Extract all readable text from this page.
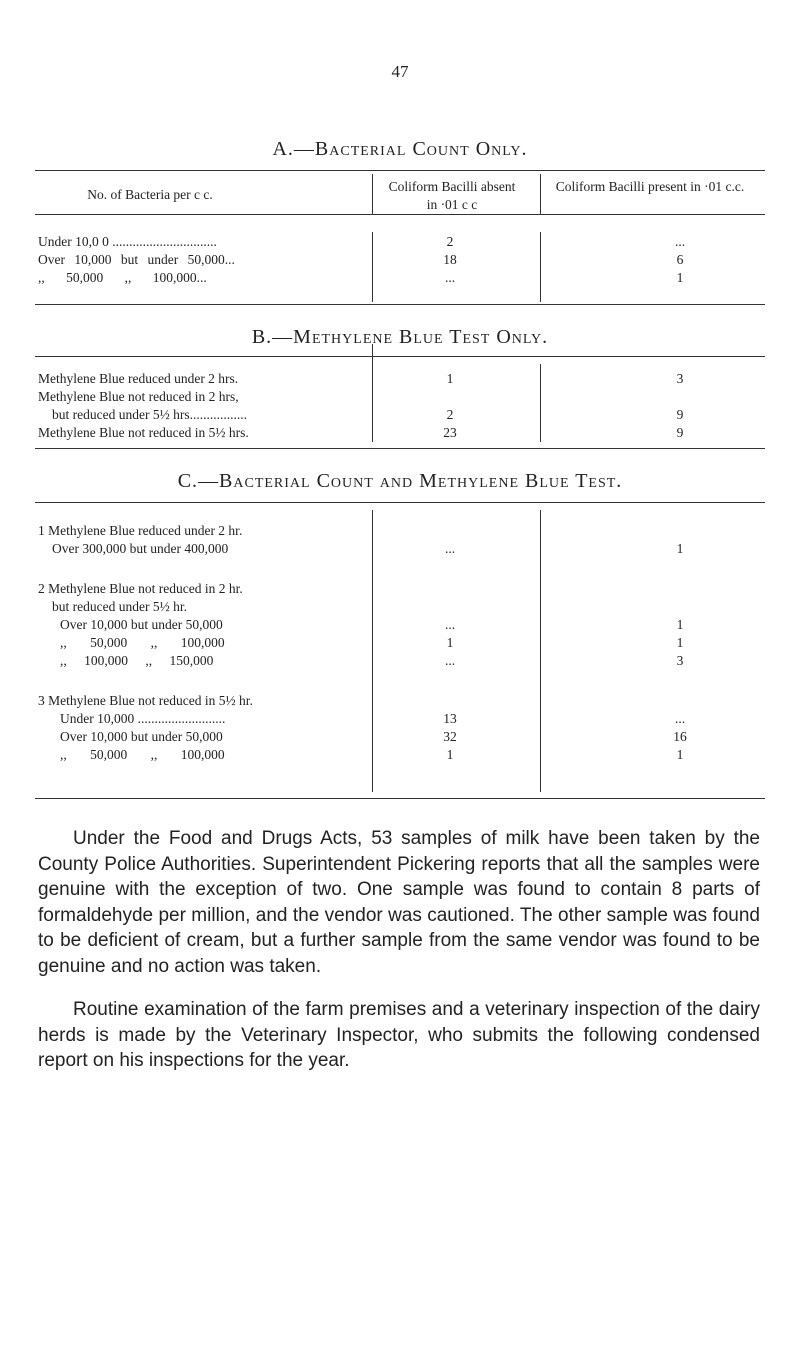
47
A.—Bacterial Count Only.
No. of Bacteria per c c.
Coliform Bacilli absent in ·01 c c
Coliform Bacilli present in ·01 c.c.
Under 10,0 0 ...............................	2	...
Over 10,000 but under 50,000...	18	6
,, 50,000 ,, 100,000...	...	1
B.—Methylene Blue Test Only.
Methylene Blue reduced under 2 hrs.	1	3
Methylene Blue not reduced in 2 hrs,
but reduced under 5½ hrs.................	2	9
Methylene Blue not reduced in 5½ hrs.	23	9
C.—Bacterial Count and Methylene Blue Test.
1 Methylene Blue reduced under 2 hr.
Over 300,000 but under 400,000	...	1
2 Methylene Blue not reduced in 2 hr.
but reduced under 5½ hr.
Over 10,000 but under 50,000	...	1
,, 50,000 ,, 100,000	1	1
,, 100,000 ,, 150,000	...	3
3 Methylene Blue not reduced in 5½ hr.
Under 10,000 ..........................	13	...
Over 10,000 but under 50,000	32	16
,, 50,000 ,, 100,000	1	1

Under the Food and Drugs Acts, 53 samples of milk have been taken by the County Police Authorities. Superintendent Pickering reports that all the samples were genuine with the exception of two. One sample was found to contain 8 parts of formaldehyde per million, and the vendor was cautioned. The other sample was found to be deficient of cream, but a further sample from the same vendor was found to be genuine and no action was taken.

Routine examination of the farm premises and a veterinary inspection of the dairy herds is made by the Veterinary Inspector, who submits the following condensed report on his inspections for the year.
